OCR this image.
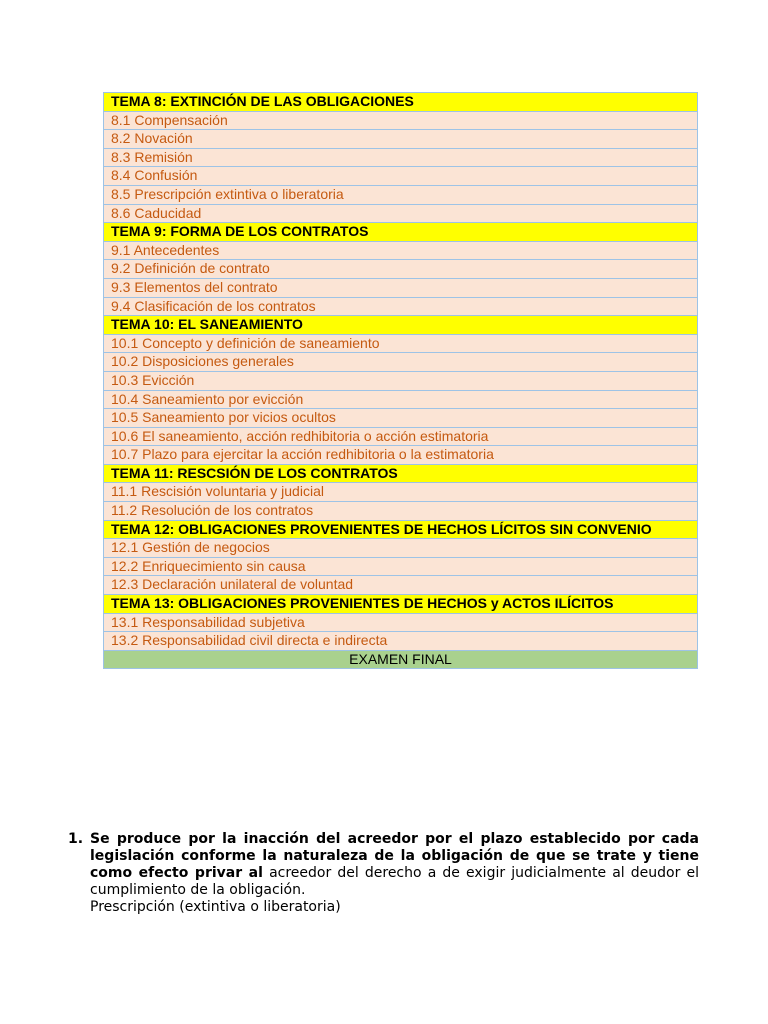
TEMA 8: EXTINCIÓN DE LAS OBLIGACIONES
8.1 Compensación
8.2 Novación
8.3 Remisión
8.4 Confusión
8.5 Prescripción extintiva o liberatoria
8.6 Caducidad
TEMA 9: FORMA DE LOS CONTRATOS
9.1 Antecedentes
9.2 Definición de contrato
9.3 Elementos del contrato
9.4 Clasificación de los contratos
TEMA 10: EL SANEAMIENTO
10.1 Concepto y definición de saneamiento
10.2 Disposiciones generales
10.3 Evicción
10.4 Saneamiento por evicción
10.5 Saneamiento por vicios ocultos
10.6 El saneamiento, acción redhibitoria o acción estimatoria
10.7 Plazo para ejercitar la acción redhibitoria o la estimatoria
TEMA 11: RESCSIÓN DE LOS CONTRATOS
11.1 Rescisión voluntaria y judicial
11.2 Resolución de los contratos
TEMA 12: OBLIGACIONES PROVENIENTES DE HECHOS LÍCITOS SIN CONVENIO
12.1 Gestión de negocios
12.2 Enriquecimiento sin causa
12.3 Declaración unilateral de voluntad
TEMA 13: OBLIGACIONES PROVENIENTES DE HECHOS y ACTOS ILÍCITOS
13.1 Responsabilidad subjetiva
13.2 Responsabilidad civil directa e indirecta
EXAMEN FINAL
1. Se produce por la inacción del acreedor por el plazo establecido por cada legislación conforme la naturaleza de la obligación de que se trate y tiene como efecto privar al acreedor del derecho a de exigir judicialmente al deudor el cumplimiento de la obligación.
Prescripción (extintiva o liberatoria)
